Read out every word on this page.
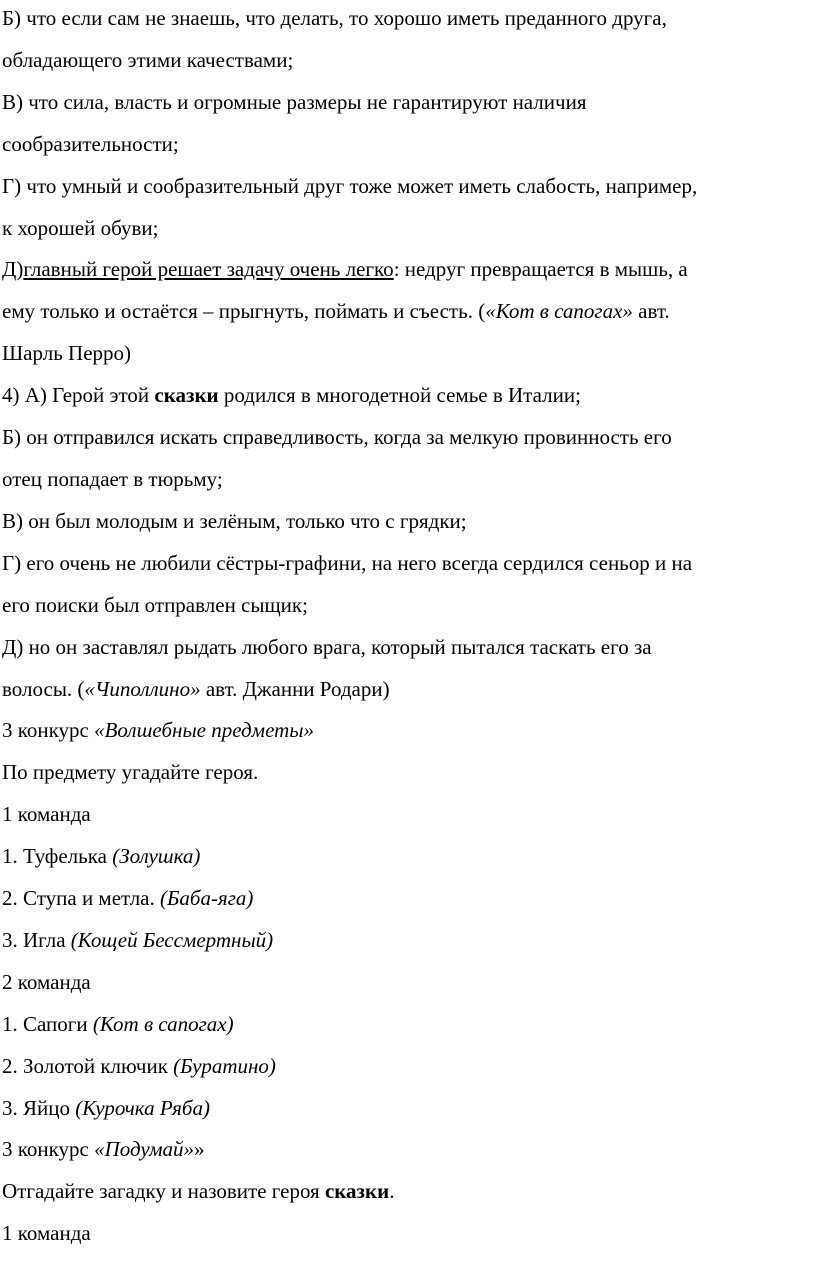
Б) что если сам не знаешь, что делать, то хорошо иметь преданного друга,
обладающего этими качествами;
В) что сила, власть и огромные размеры не гарантируют наличия
сообразительности;
Г) что умный и сообразительный друг тоже может иметь слабость, например,
к хорошей обуви;
Д)главный герой решает задачу очень легко: недруг превращается в мышь, а
ему только и остаётся – прыгнуть, поймать и съесть. («Кот в сапогах» авт.
Шарль Перро)
4) А) Герой этой сказки родился в многодетной семье в Италии;
Б) он отправился искать справедливость, когда за мелкую провинность его
отец попадает в тюрьму;
В) он был молодым и зелёным, только что с грядки;
Г) его очень не любили сёстры-графини, на него всегда сердился сеньор и на
его поиски был отправлен сыщик;
Д) но он заставлял рыдать любого врага, который пытался таскать его за
волосы. («Чиполлино» авт. Джанни Родари)
3 конкурс «Волшебные предметы»
По предмету угадайте героя.
1 команда
1. Туфелька (Золушка)
2. Ступа и метла. (Баба-яга)
3. Игла (Кощей Бессмертный)
2 команда
1. Сапоги (Кот в сапогах)
2. Золотой ключик (Буратино)
3. Яйцо (Курочка Ряба)
3 конкурс «Подумай»»
Отгадайте загадку и назовите героя сказки.
1 команда
